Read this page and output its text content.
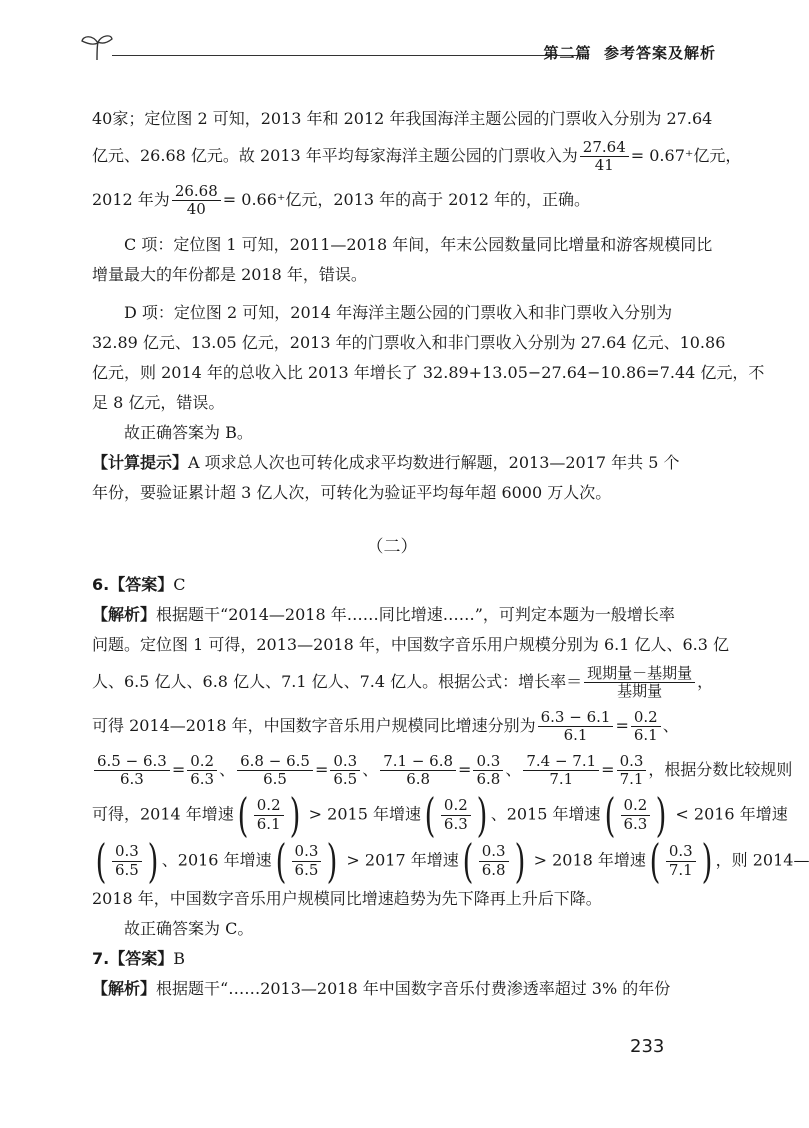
第二篇  参考答案及解析
40家；定位图 2 可知，2013 年和 2012 年我国海洋主题公园的门票收入分别为 27.64
亿元、26.68 亿元。故 2013 年平均每家海洋主题公园的门票收入为 $\frac{27.64}{41} = 0.67^+$亿元，
2012 年为 $\frac{26.68}{40} = 0.66^+$亿元，2013 年的高于 2012 年的，正确。
C 项：定位图 1 可知，2011—2018 年间，年末公园数量同比增量和游客规模同比
增量最大的年份都是 2018 年，错误。
D 项：定位图 2 可知，2014 年海洋主题公园的门票收入和非门票收入分别为
32.89 亿元、13.05 亿元，2013 年的门票收入和非门票收入分别为 27.64 亿元、10.86
亿元，则 2014 年的总收入比 2013 年增长了 32.89+13.05−27.64−10.86=7.44 亿元，不
足 8 亿元，错误。
故正确答案为 B。
【计算提示】A 项求总人次也可转化成求平均数进行解题，2013—2017 年共 5 个
年份，要验证累计超 3 亿人次，可转化为验证平均每年超 6000 万人次。
（二）
6.【答案】C
【解析】根据题干“2014—2018 年……同比增速……”，可判定本题为一般增长率
问题。定位图 1 可得，2013—2018 年，中国数字音乐用户规模分别为 6.1 亿人、6.3 亿
人、6.5 亿人、6.8 亿人、7.1 亿人、7.4 亿人。根据公式：增长率＝ $\frac{\text{现期量－基期量}}{\text{基期量}}$ ，
可得 2014—2018 年，中国数字音乐用户规模同比增速分别为 $\frac{6.3 - 6.1}{6.1} = \frac{0.2}{6.1}$ 、
$\frac{6.5 - 6.3}{6.3} = \frac{0.2}{6.3}$ 、 $\frac{6.8 - 6.5}{6.5} = \frac{0.3}{6.5}$ 、 $\frac{7.1 - 6.8}{6.8} = \frac{0.3}{6.8}$ 、 $\frac{7.4 - 7.1}{7.1} = \frac{0.3}{7.1}$ ，根据分数比较规则
可得，2014 年增速 ( $\frac{0.2}{6.1}$ ) > 2015 年增速 ( $\frac{0.2}{6.3}$ ) 、2015 年增速 ( $\frac{0.2}{6.3}$ ) < 2016 年增速
( $\frac{0.3}{6.5}$ ) 、2016 年增速 ( $\frac{0.3}{6.5}$ ) > 2017 年增速 ( $\frac{0.3}{6.8}$ ) > 2018 年增速 ( $\frac{0.3}{7.1}$ ) ，则 2014—
2018 年，中国数字音乐用户规模同比增速趋势为先下降再上升后下降。
故正确答案为 C。
7.【答案】B
【解析】根据题干“……2013—2018 年中国数字音乐付费渗透率超过 3% 的年份
233
